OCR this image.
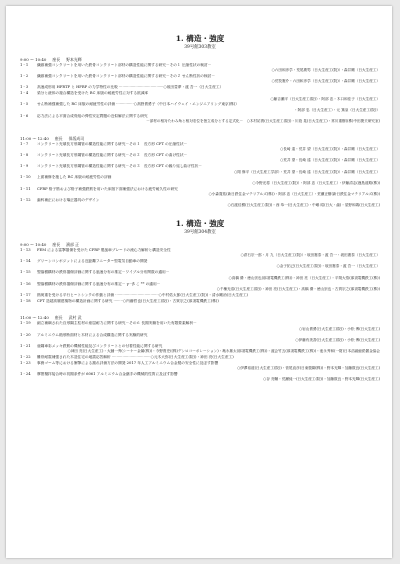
1. 構造・強度
39号館303教室
9:00 ～ 10:40 座長 野本光輝
1 - 1	繊維補強コンクリートを用いた鉄骨コンクリート部材の構造性能に関する研究－その１ 圧縮性状の検討－
○六田和彦学・荒尾勘男（日大生産工(院)）・森井剛（日大生産工）
1 - 2	繊維補強コンクリートを用いた鉄骨コンクリート部材の構造性能に関する研究－その２ せん断性状の検討－
○荒牧憲介・六田和彦学（日大生産工(院)）・森井剛（日大生産工）
1 - 3	高速成形用 HFRTP と HFRP の力学特性の比較 ······································○坂田豊夢・渡 吾一（日大生産工）
1 - 4	梁分と液体の複合構造を受けた RC 床版の耐疲労性に対する抵減率
○藤吉瀬平（日大生産工(院)）・阿部 忠・木口和佳子（日大生産工）
1 - 5	せん断補強補強した RC 床版の耐疲労性の評価 ···············○高野貴勇子（中日本ハイウェイ・エンジニアリング東京(株)）
・阿部 忠（日大生産工）・元 篤皇（日大生産工(院)）
1 - 6	応力法による平面合成骨組の弾性安定問題の近似解法に関する研究
－部材の相対たわみ角と相対変位を独立成分とする定式化－　○木村祐貴(日大生産工(院))・川島 晃(日大生産工)・常川重樹((株)中田捷夫研究室)
11:00 ～ 12:40 座長 保坂成司
1 - 7	コンクリート充填長方形鋼管の構造性能に関する研究－その１　長方形 CFT の圧縮性状－
○長崎 遠・荒井 望（日大生産工(院)）・森井剛（日大生産工）
1 - 8	コンクリート充填長方形鋼管の構造性能に関する研究－その２　長方形 CFT の曲げ性状－
○荒井 望・長崎 遠（日大生産工(院)）・森井剛（日大生産工）
1 - 9	コンクリート充填長方形鋼管の構造性能に関する研究－その３　長方形 CFT の繰り返し曲げ性状－
○岡 修平（日大生産工学部）・荒井 望・長崎 遠（日大生産工(院)）・森井剛（日大生産工）
1 - 10	上面補修を施した RC 床版の耐疲労性の評価
○今野光将（日大生産工(院)）・阿部 忠（日大生産工）・伊藤清志(鹿島道路(株))
1 - 11	CFRP 格子筋および格子補強鉄筋を用いた床版下面補強法における疲労耐久性の研究
○小森寛佑(新日鉄住金マテリアルズ(株))・阿部 忠（日大生産工）・荒瀬正樹(新日鉄住金マテリアルズ(株))
1 - 12	歯科補正における矯正器具のデザイン
○石渡佳樹(日大生産工(院))・西 恭一(日大生産工)・中嶋 昭(日大・歯)・星野和義(日大生産工)
1. 構造・強度
39号館304教室
9:00 ～ 10:40 座長 濱部 正
1 - 13	FEM による雷撃損傷を受けた CFRP 製風車ブレードの流心力解析と構造安全性
○倉石宗一郎・月 九（日大生産工(院)）・坂田憲泰・渡 吾一・坂田憲泰（日大生産工）
1 - 14	グリーンコンポジットによる近距離フニーター型電気自動車の開発
○金子拓己(日大生産工(院))・坂田憲泰・渡 吾一（日大生産工）
1 - 15	竪落樹構材の鉄骨損傷評価に関する風速分布の推定－ワイブル分布関数の適用－
○高橋 優・徳山崇也(那須電機鉄工(株))・神田 亮（日大生産工）・平岡大悟(那須電機鉄工(株))
1 - 16	竪落樹構材の鉄骨損傷評価に関する風速分布の推定－ γ－β こ ** の適用－
○千種光浩(日大生産工(院))・神田 亮(日大生産工)・高橋 優・徳山崇也・古賀宗之(那須電機鉄工(株))
1 - 17	熱荷重を受ける平行ヒートシンクの作動と評価 ·····································○中村佑太郎(日大生産工(院))・清水剛治(日大生産工)
1 - 18	CFT 造超高層建築物の構造計画に関する研究 ········○内藤哲也(日大生産工(院))・古賀宗之(那須電機鉄工(株))
11:00 ～ 12:40 座長 武村 武
1 - 19	細立補綱された自形鋼主柱材の座屈耐力に関する研究－その６ 長期実験を用いた有限要素解析－
○岩山貴勇(日大生産工(院))・小松 博(日大生産工)
1 - 20	アルミニウム箱形断面材と木材による合成構造に関する実験的研究
○伊藤有美香(日大生産工(院))・小松 博(日大生産工)
1 - 21	亜鋼車彩メッキ鉄筋の機械性能及びコンクリートとの付着性能に関する研究
○神田 亮(日大生産工)・大鋪一秀(シーケー金属(株))・今野貴史((株)デンロコーポレーション)・亀永雄太(那須電機鉄工(株))・渡会竹五(那須電機鉄工(株))・池永秀和(一財)日本溶融亜鉛鍍金協会
1 - 22	難骨耐震補強された木造住宅の地震応答解析 ·································○元木大弥(日大生産工(院))・神田 亮(日大生産工)
1 - 23	事務ゴーム等における衝撃による割れ評価方法の開発 2017 年人工アルミニウム合金製の安全性に及ぼす影響
○伊澤裕道(日大生産工(院))・菅尾直彦(日東製鋼(株))・野本光輝・加藤数良(日大生産工)
1 - 24	摩擦攪拌接合時の初期条件が 6061 アルミニウム合金継手の機械的性質に及ぼす影響
○谷 亮輔・荒瀬純一(日大生産工(院))・加藤数良・野本光輝(日大生産工)
